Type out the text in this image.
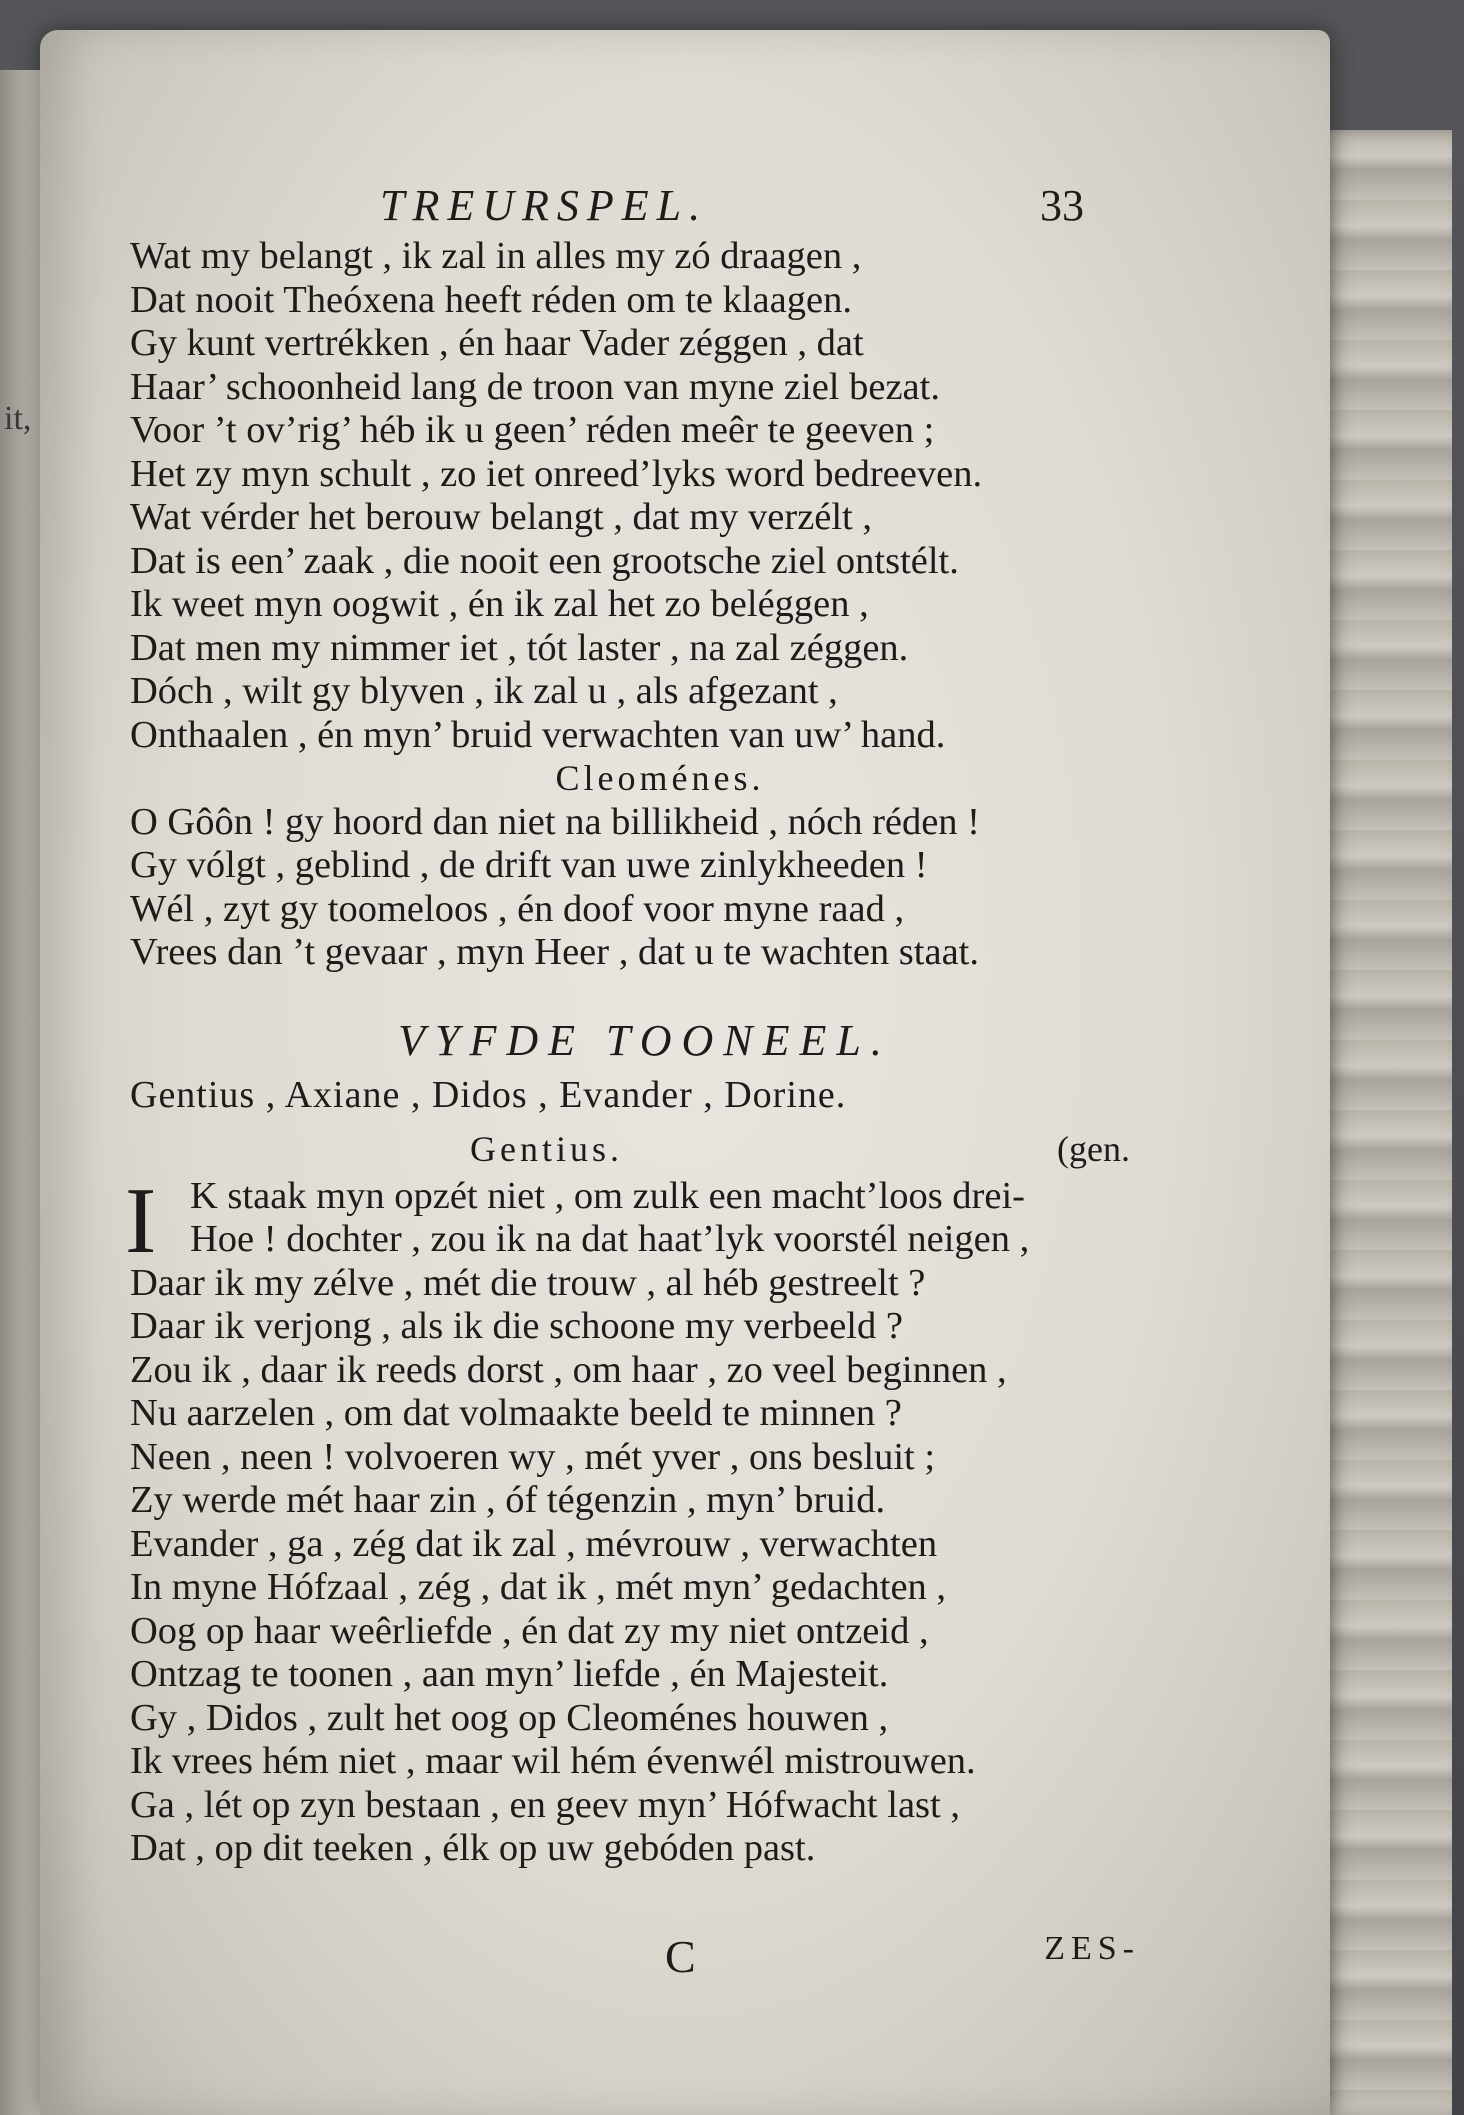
it,
TREURSPEL.	33
Wat my belangt , ik zal in alles my zó draagen ,
Dat nooit Theóxena heeft réden om te klaagen.
Gy kunt vertrékken , én haar Vader zéggen , dat
Haar’ schoonheid lang de troon van myne ziel bezat.
Voor ’t ov’rig’ héb ik u geen’ réden meêr te geeven ;
Het zy myn schult , zo iet onreed’lyks word bedreeven.
Wat vérder het berouw belangt , dat my verzélt ,
Dat is een’ zaak , die nooit een grootsche ziel ontstélt.
Ik weet myn oogwit , én ik zal het zo beléggen ,
Dat men my nimmer iet , tót laster , na zal zéggen.
Dóch , wilt gy blyven , ik zal u , als afgezant ,
Onthaalen , én myn’ bruid verwachten van uw’ hand.
Cleoménes.
O Gôôn ! gy hoord dan niet na billikheid , nóch réden !
Gy vólgt , geblind , de drift van uwe zinlykheeden !
Wél , zyt gy toomeloos , én doof voor myne raad ,
Vrees dan ’t gevaar , myn Heer , dat u te wachten staat.
VYFDE TOONEEL.
Gentius , Axiane , Didos , Evander , Dorine.
Gentius.	(gen.
I K staak myn opzét niet , om zulk een macht’loos drei-
Hoe ! dochter , zou ik na dat haat’lyk voorstél neigen ,
Daar ik my zélve , mét die trouw , al héb gestreelt ?
Daar ik verjong , als ik die schoone my verbeeld ?
Zou ik , daar ik reeds dorst , om haar , zo veel beginnen ,
Nu aarzelen , om dat volmaakte beeld te minnen ?
Neen , neen ! volvoeren wy , mét yver , ons besluit ;
Zy werde mét haar zin , óf tégenzin , myn’ bruid.
Evander , ga , zég dat ik zal , mévrouw , verwachten
In myne Hófzaal , zég , dat ik , mét myn’ gedachten ,
Oog op haar weêrliefde , én dat zy my niet ontzeid ,
Ontzag te toonen , aan myn’ liefde , én Majesteit.
Gy , Didos , zult het oog op Cleoménes houwen ,
Ik vrees hém niet , maar wil hém évenwél mistrouwen.
Ga , lét op zyn bestaan , en geev myn’ Hófwacht last ,
Dat , op dit teeken , élk op uw gebóden past.
C	ZES-
